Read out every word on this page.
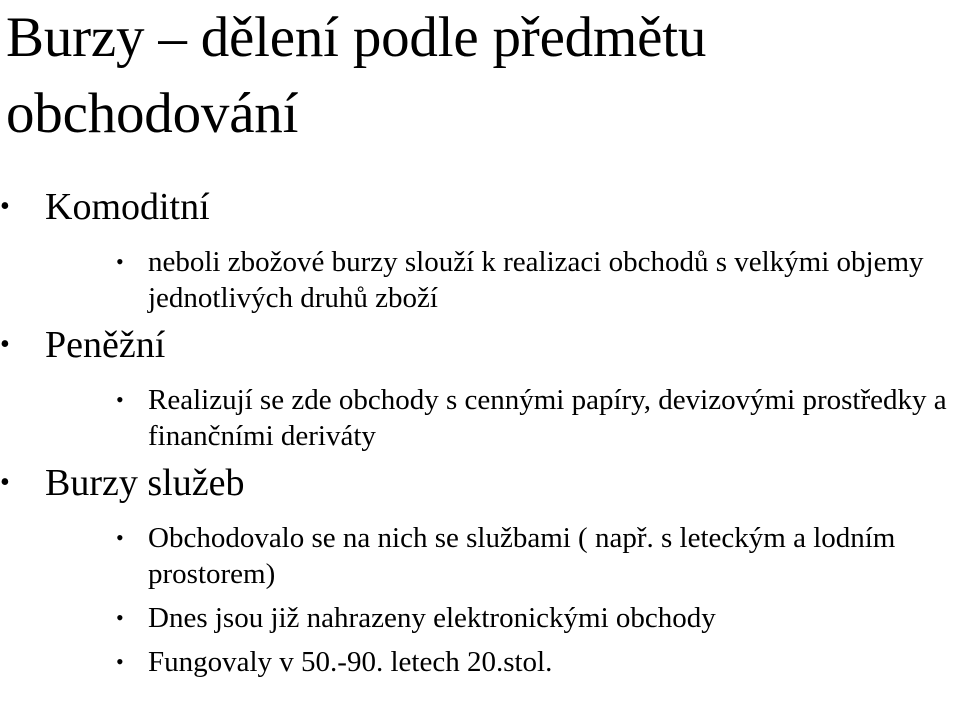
Burzy – dělení podle předmětu obchodování
• Komoditní
• neboli zbožové burzy slouží k realizaci obchodů s velkými objemy jednotlivých druhů zboží
• Peněžní
• Realizují se zde obchody s cennými papíry, devizovými prostředky a finančními deriváty
• Burzy služeb
• Obchodovalo se na nich se službami ( např. s leteckým a lodním prostorem)
• Dnes jsou již nahrazeny elektronickými obchody
• Fungovaly v 50.-90. letech 20.stol.
